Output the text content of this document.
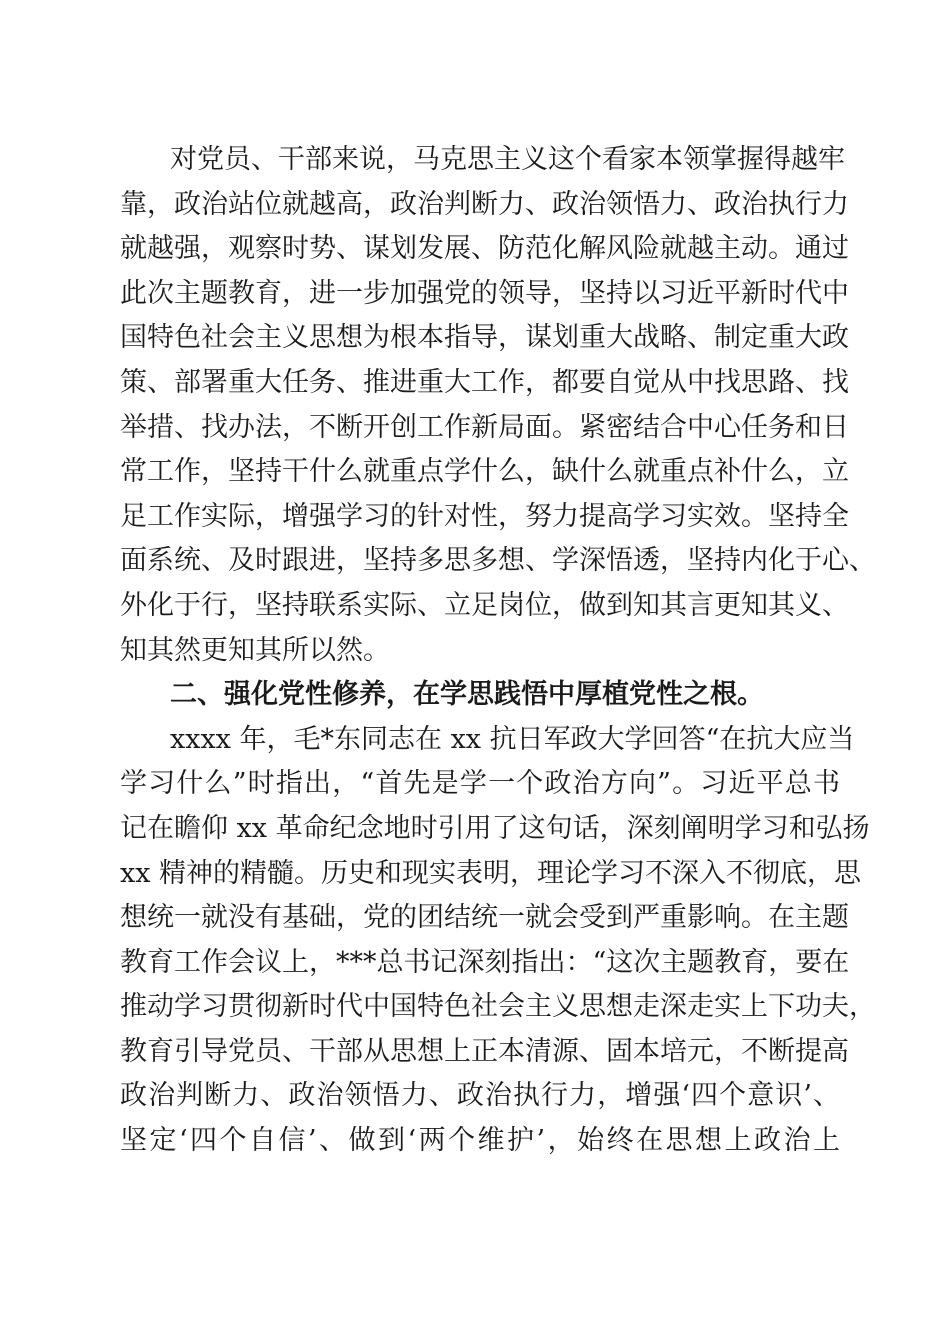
对党员、干部来说，马克思主义这个看家本领掌握得越牢
靠，政治站位就越高，政治判断力、政治领悟力、政治执行力
就越强，观察时势、谋划发展、防范化解风险就越主动。通过
此次主题教育，进一步加强党的领导，坚持以习近平新时代中
国特色社会主义思想为根本指导，谋划重大战略、制定重大政
策、部署重大任务、推进重大工作，都要自觉从中找思路、找
举措、找办法，不断开创工作新局面。紧密结合中心任务和日
常工作，坚持干什么就重点学什么，缺什么就重点补什么，立
足工作实际，增强学习的针对性，努力提高学习实效。坚持全
面系统、及时跟进，坚持多思多想、学深悟透，坚持内化于心、
外化于行，坚持联系实际、立足岗位，做到知其言更知其义、
知其然更知其所以然。
二、强化党性修养，在学思践悟中厚植党性之根。
xxxx 年，毛*东同志在 xx 抗日军政大学回答“在抗大应当
学习什么”时指出，“首先是学一个政治方向”。习近平总书
记在瞻仰 xx 革命纪念地时引用了这句话，深刻阐明学习和弘扬
xx 精神的精髓。历史和现实表明，理论学习不深入不彻底，思
想统一就没有基础，党的团结统一就会受到严重影响。在主题
教育工作会议上，***总书记深刻指出：“这次主题教育，要在
推动学习贯彻新时代中国特色社会主义思想走深走实上下功夫，
教育引导党员、干部从思想上正本清源、固本培元，不断提高
政治判断力、政治领悟力、政治执行力，增强‘四个意识’、
坚定‘四个自信’、做到‘两个维护’，始终在思想上政治上
